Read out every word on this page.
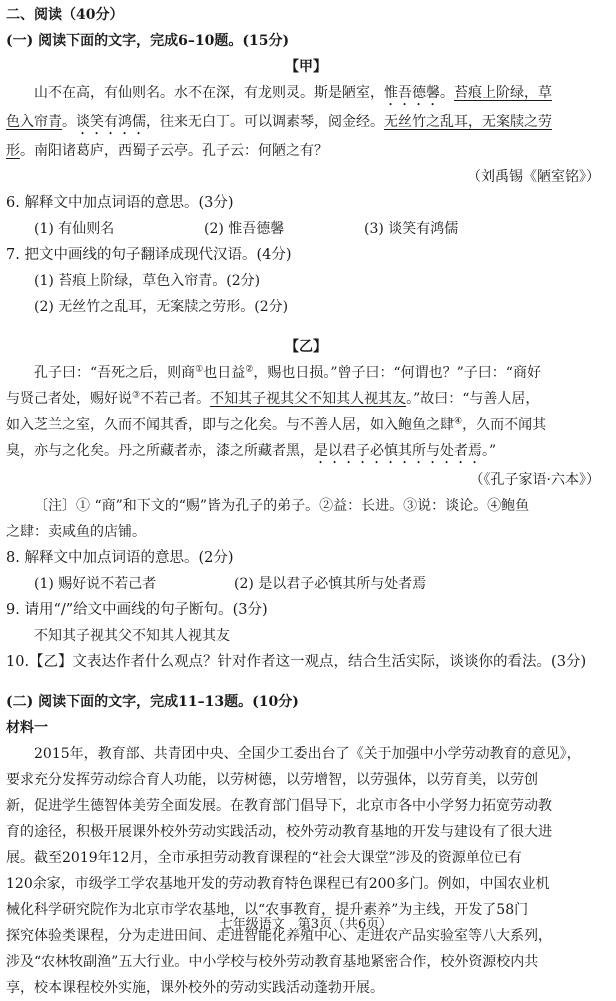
二、阅读（40分）
(一) 阅读下面的文字，完成6–10题。(15分)
【甲】
山不在高，有仙则名。水不在深，有龙则灵。斯是陋室，惟吾德馨。苔痕上阶绿，草
色入帘青。谈笑有鸿儒，往来无白丁。可以调素琴，阅金经。无丝竹之乱耳，无案牍之劳
形。南阳诸葛庐，西蜀子云亭。孔子云：何陋之有？
（刘禹锡《陋室铭》）
6. 解释文中加点词语的意思。(3分)
(1) 有仙则名	(2) 惟吾德馨	(3) 谈笑有鸿儒
7. 把文中画线的句子翻译成现代汉语。(4分)
(1) 苔痕上阶绿，草色入帘青。(2分)
(2) 无丝竹之乱耳，无案牍之劳形。(2分)
【乙】
孔子曰：“吾死之后，则商①也日益②，赐也日损。”曾子曰：“何谓也？”子曰：“商好
与贤己者处，赐好说③不若己者。不知其子视其父不知其人视其友。”故曰：“与善人居，
如入芝兰之室，久而不闻其香，即与之化矣。与不善人居，如入鲍鱼之肆④，久而不闻其
臭，亦与之化矣。丹之所藏者赤，漆之所藏者黑，是以君子必慎其所与处者焉。”
（《孔子家语·六本》）
〔注〕① “商”和下文的“赐”皆为孔子的弟子。②益：长进。③说：谈论。④鲍鱼
之肆：卖咸鱼的店铺。
8. 解释文中加点词语的意思。(2分)
(1) 赐好说不若己者	(2) 是以君子必慎其所与处者焉
9. 请用“/”给文中画线的句子断句。(3分)
不知其子视其父不知其人视其友
10.【乙】文表达作者什么观点？针对作者这一观点，结合生活实际，谈谈你的看法。(3分)
(二) 阅读下面的文字，完成11–13题。(10分)
材料一
2015年，教育部、共青团中央、全国少工委出台了《关于加强中小学劳动教育的意见》，
要求充分发挥劳动综合育人功能，以劳树德，以劳增智，以劳强体，以劳育美，以劳创
新，促进学生德智体美劳全面发展。在教育部门倡导下，北京市各中小学努力拓宽劳动教
育的途径，积极开展课外校外劳动实践活动，校外劳动教育基地的开发与建设有了很大进
展。截至2019年12月，全市承担劳动教育课程的“社会大课堂”涉及的资源单位已有
120余家，市级学工学农基地开发的劳动教育特色课程已有200多门。例如，中国农业机
械化科学研究院作为北京市学农基地，以“农事教育，提升素养”为主线，开发了58门
探究体验类课程，分为走进田间、走进智能化养殖中心、走进农产品实验室等八大系列，
涉及“农林牧副渔”五大行业。中小学校与校外劳动教育基地紧密合作，校外资源校内共
享，校本课程校外实施，课外校外的劳动实践活动蓬勃开展。
七年级语文　第3页（共6页）
